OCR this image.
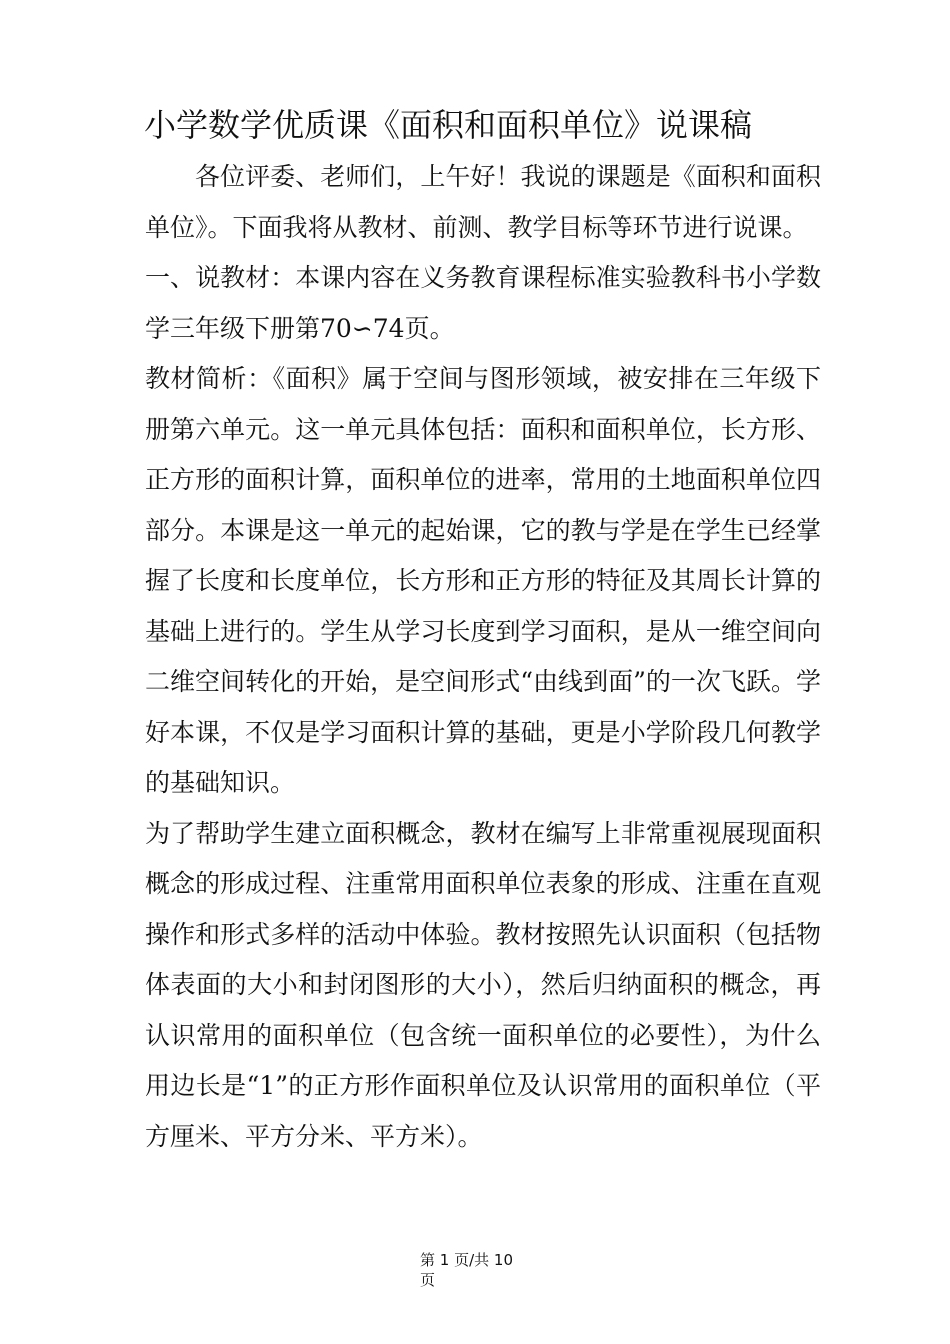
小学数学优质课《面积和面积单位》说课稿

各位评委、老师们，上午好！我说的课题是《面积和面积单位》。下面我将从教材、前测、教学目标等环节进行说课。

一、说教材：本课内容在义务教育课程标准实验教科书小学数学三年级下册第70∽74页。

教材简析：《面积》属于空间与图形领域，被安排在三年级下册第六单元。这一单元具体包括：面积和面积单位，长方形、正方形的面积计算，面积单位的进率，常用的土地面积单位四部分。本课是这一单元的起始课，它的教与学是在学生已经掌握了长度和长度单位，长方形和正方形的特征及其周长计算的基础上进行的。学生从学习长度到学习面积，是从一维空间向二维空间转化的开始，是空间形式“由线到面”的一次飞跃。学好本课，不仅是学习面积计算的基础，更是小学阶段几何教学的基础知识。

为了帮助学生建立面积概念，教材在编写上非常重视展现面积概念的形成过程、注重常用面积单位表象的形成、注重在直观操作和形式多样的活动中体验。教材按照先认识面积（包括物体表面的大小和封闭图形的大小），然后归纳面积的概念，再认识常用的面积单位（包含统一面积单位的必要性），为什么用边长是“1”的正方形作面积单位及认识常用的面积单位（平方厘米、平方分米、平方米）。

第 1 页/共 10 页
